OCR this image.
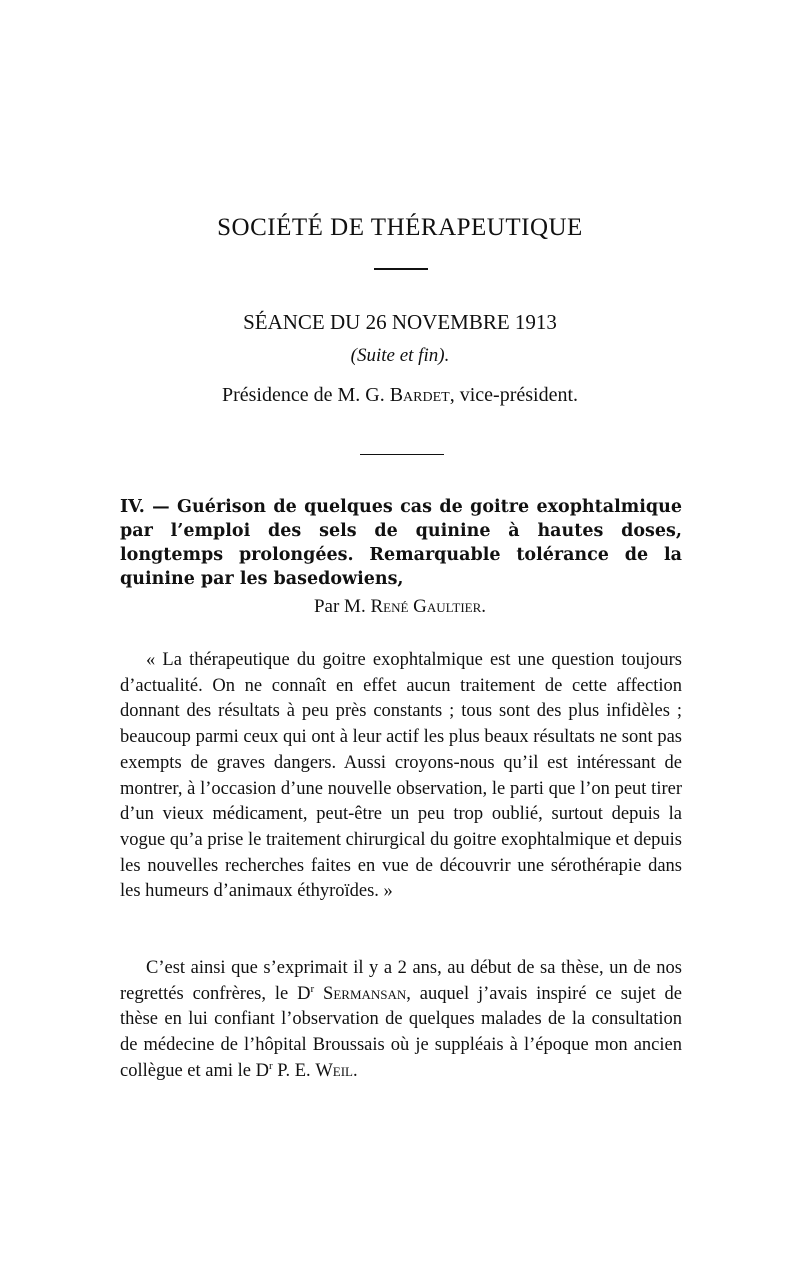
SOCIÉTÉ DE THÉRAPEUTIQUE
SÉANCE DU 26 NOVEMBRE 1913
(Suite et fin).
Présidence de M. G. Bardet, vice-président.
IV. — Guérison de quelques cas de goitre exophtalmique par l’emploi des sels de quinine à hautes doses, longtemps prolongées. Remarquable tolérance de la quinine par les basedowiens,
Par M. René Gaultier.
« La thérapeutique du goitre exophtalmique est une question toujours d’actualité. On ne connaît en effet aucun traitement de cette affection donnant des résultats à peu près constants ; tous sont des plus infidèles ; beaucoup parmi ceux qui ont à leur actif les plus beaux résultats ne sont pas exempts de graves dangers. Aussi croyons-nous qu’il est intéressant de montrer, à l’occasion d’une nouvelle observation, le parti que l’on peut tirer d’un vieux médicament, peut-être un peu trop oublié, surtout depuis la vogue qu’a prise le traitement chirurgical du goitre exophtalmique et depuis les nouvelles recherches faites en vue de découvrir une sérothérapie dans les humeurs d’animaux éthyroïdes. »
C’est ainsi que s’exprimait il y a 2 ans, au début de sa thèse, un de nos regrettés confrères, le $D^r$ Sermansan, auquel j’avais inspiré ce sujet de thèse en lui confiant l’observation de quelques malades de la consultation de médecine de l’hôpital Broussais où je suppléais à l’époque mon ancien collègue et ami le $D^r$ P. E. Weil.
